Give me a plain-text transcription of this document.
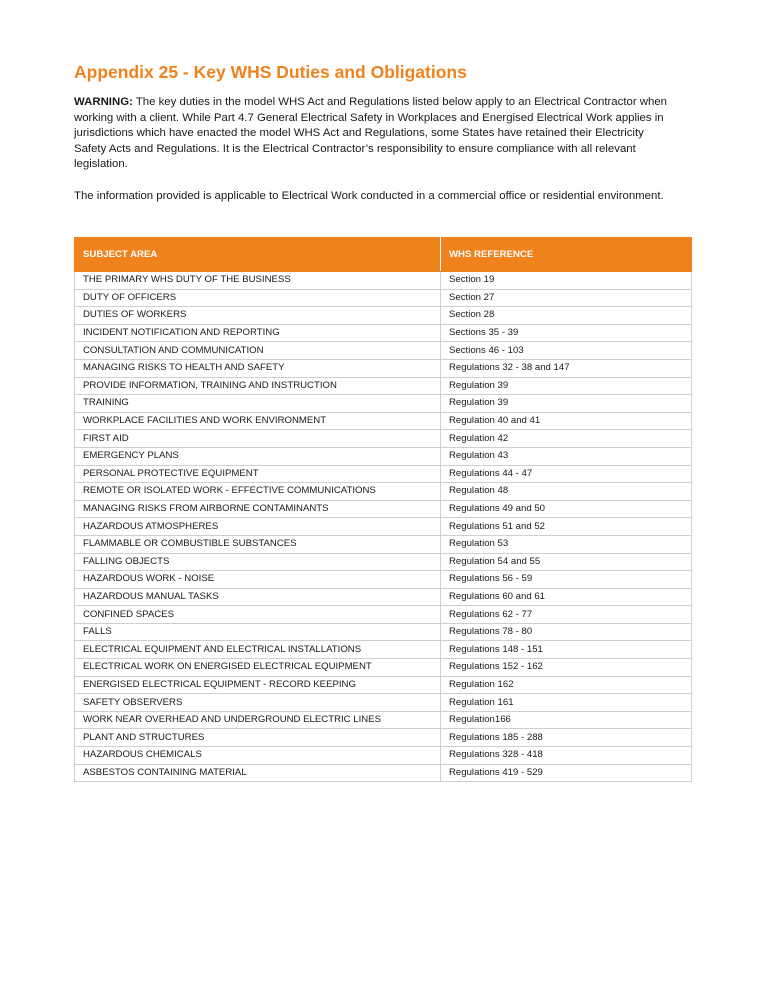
Appendix 25 - Key WHS Duties and Obligations

WARNING: The key duties in the model WHS Act and Regulations listed below apply to an Electrical Contractor when working with a client. While Part 4.7 General Electrical Safety in Workplaces and Energised Electrical Work applies in jurisdictions which have enacted the model WHS Act and Regulations, some States have retained their Electricity Safety Acts and Regulations. It is the Electrical Contractor’s responsibility to ensure compliance with all relevant legislation.

The information provided is applicable to Electrical Work conducted in a commercial office or residential environment.

SUBJECT AREA	WHS REFERENCE
THE PRIMARY WHS DUTY OF THE BUSINESS	Section 19
DUTY OF OFFICERS	Section 27
DUTIES OF WORKERS	Section 28
INCIDENT NOTIFICATION AND REPORTING	Sections 35 - 39
CONSULTATION AND COMMUNICATION	Sections 46 - 103
MANAGING RISKS TO HEALTH AND SAFETY	Regulations 32 - 38 and 147
PROVIDE INFORMATION, TRAINING AND INSTRUCTION	Regulation 39
TRAINING	Regulation 39
WORKPLACE FACILITIES AND WORK ENVIRONMENT	Regulation 40 and 41
FIRST AID	Regulation 42
EMERGENCY PLANS	Regulation 43
PERSONAL PROTECTIVE EQUIPMENT	Regulations 44 - 47
REMOTE OR ISOLATED WORK - EFFECTIVE COMMUNICATIONS	Regulation 48
MANAGING RISKS FROM AIRBORNE CONTAMINANTS	Regulations 49 and 50
HAZARDOUS ATMOSPHERES	Regulations 51 and 52
FLAMMABLE OR COMBUSTIBLE SUBSTANCES	Regulation 53
FALLING OBJECTS	Regulation 54 and 55
HAZARDOUS WORK - NOISE	Regulations 56 - 59
HAZARDOUS MANUAL TASKS	Regulations 60 and 61
CONFINED SPACES	Regulations 62 - 77
FALLS	Regulations 78 - 80
ELECTRICAL EQUIPMENT AND ELECTRICAL INSTALLATIONS	Regulations 148 - 151
ELECTRICAL WORK ON ENERGISED ELECTRICAL EQUIPMENT	Regulations 152 - 162
ENERGISED ELECTRICAL EQUIPMENT - RECORD KEEPING	Regulation 162
SAFETY OBSERVERS	Regulation 161
WORK NEAR OVERHEAD AND UNDERGROUND ELECTRIC LINES	Regulation166
PLANT AND STRUCTURES	Regulations 185 - 288
HAZARDOUS CHEMICALS	Regulations 328 - 418
ASBESTOS CONTAINING MATERIAL	Regulations 419 - 529
